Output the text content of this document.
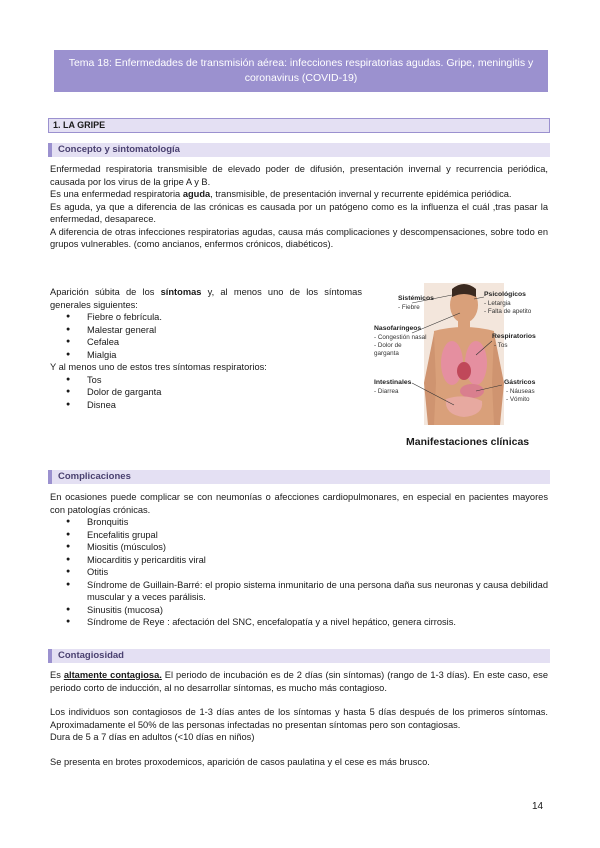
Tema 18: Enfermedades de transmisión aérea: infecciones respiratorias agudas. Gripe, meningitis y
coronavirus (COVID-19)
1. LA GRIPE
Concepto y sintomatología

Enfermedad respiratoria transmisible de elevado poder de difusión, presentación invernal y recurrencia periódica, causada por los virus de la gripe A y B.

Es una enfermedad respiratoria aguda, transmisible, de presentación invernal y recurrente epidémica periódica.

Es aguda, ya que a diferencia de las crónicas es causada por un patógeno como es la influenza el cuál ,tras pasar la enfermedad, desaparece.

A diferencia de otras infecciones respiratorias agudas, causa más complicaciones y descompensaciones, sobre todo en grupos vulnerables. (como ancianos, enfermos crónicos, diabéticos).

Aparición súbita de los síntomas y, al menos uno de los síntomas generales siguientes:

● Fiebre o febrícula.
● Malestar general
● Cefalea
● Mialgia

Y al menos uno de estos tres síntomas respiratorios:

● Tos
● Dolor de garganta
● Disnea
Sistémicos
- Fiebre
Psicológicos
- Letargia
- Falta de apetito
Nasofaríngeos
- Congestión nasal
- Dolor de
garganta
Respiratorios
- Tos
Intestinales
- Diarrea
Gástricos
- Náuseas
- Vómito
Manifestaciones clínicas
Complicaciones

En ocasiones puede complicar se con neumonías o afecciones cardiopulmonares, en especial en pacientes mayores con patologías crónicas.

● Bronquitis
● Encefalitis grupal
● Miositis (músculos)
● Miocarditis y pericarditis viral
● Otitis
● Síndrome de Guillain-Barré: el propio sistema inmunitario de una persona daña sus neuronas y causa debilidad muscular y a veces parálisis.
● Sinusitis (mucosa)
● Síndrome de Reye : afectación del SNC, encefalopatía y a nivel hepático, genera cirrosis.
Contagiosidad

Es altamente contagiosa. El periodo de incubación es de 2 días (sin síntomas) (rango de 1-3 días). En este caso, ese periodo corto de inducción, al no desarrollar síntomas, es mucho más contagioso.

Los individuos son contagiosos de 1-3 días antes de los síntomas y hasta 5 días después de los primeros síntomas. Aproximadamente el 50% de las personas infectadas no presentan síntomas pero son contagiosas.

Dura de 5 a 7 días en adultos (<10 días en niños)

Se presenta en brotes proxodemicos, aparición de casos paulatina y el cese es más brusco.

14
